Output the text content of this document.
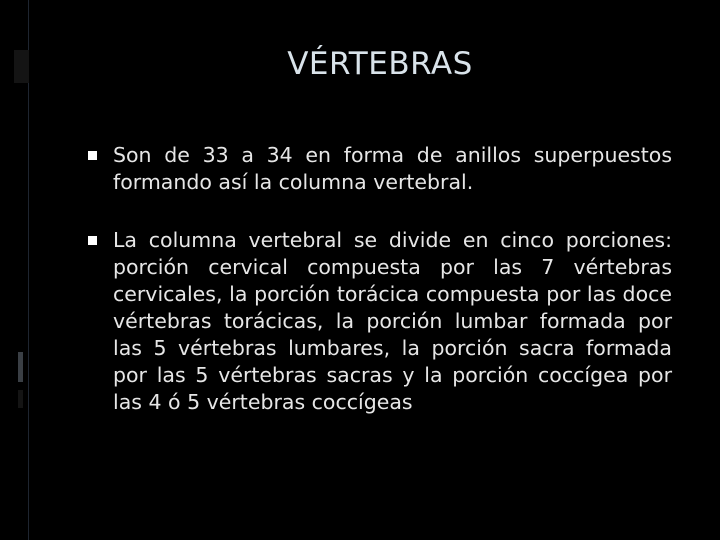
VÉRTEBRAS
Son de 33 a 34 en forma de anillos superpuestos formando así la columna vertebral.
La columna vertebral se divide en cinco porciones: porción cervical compuesta por las 7 vértebras cervicales, la porción torácica compuesta por las doce vértebras torácicas, la porción lumbar formada por las 5 vértebras lumbares, la porción sacra formada por las 5 vértebras sacras y la porción coccígea por las 4 ó 5 vértebras coccígeas
